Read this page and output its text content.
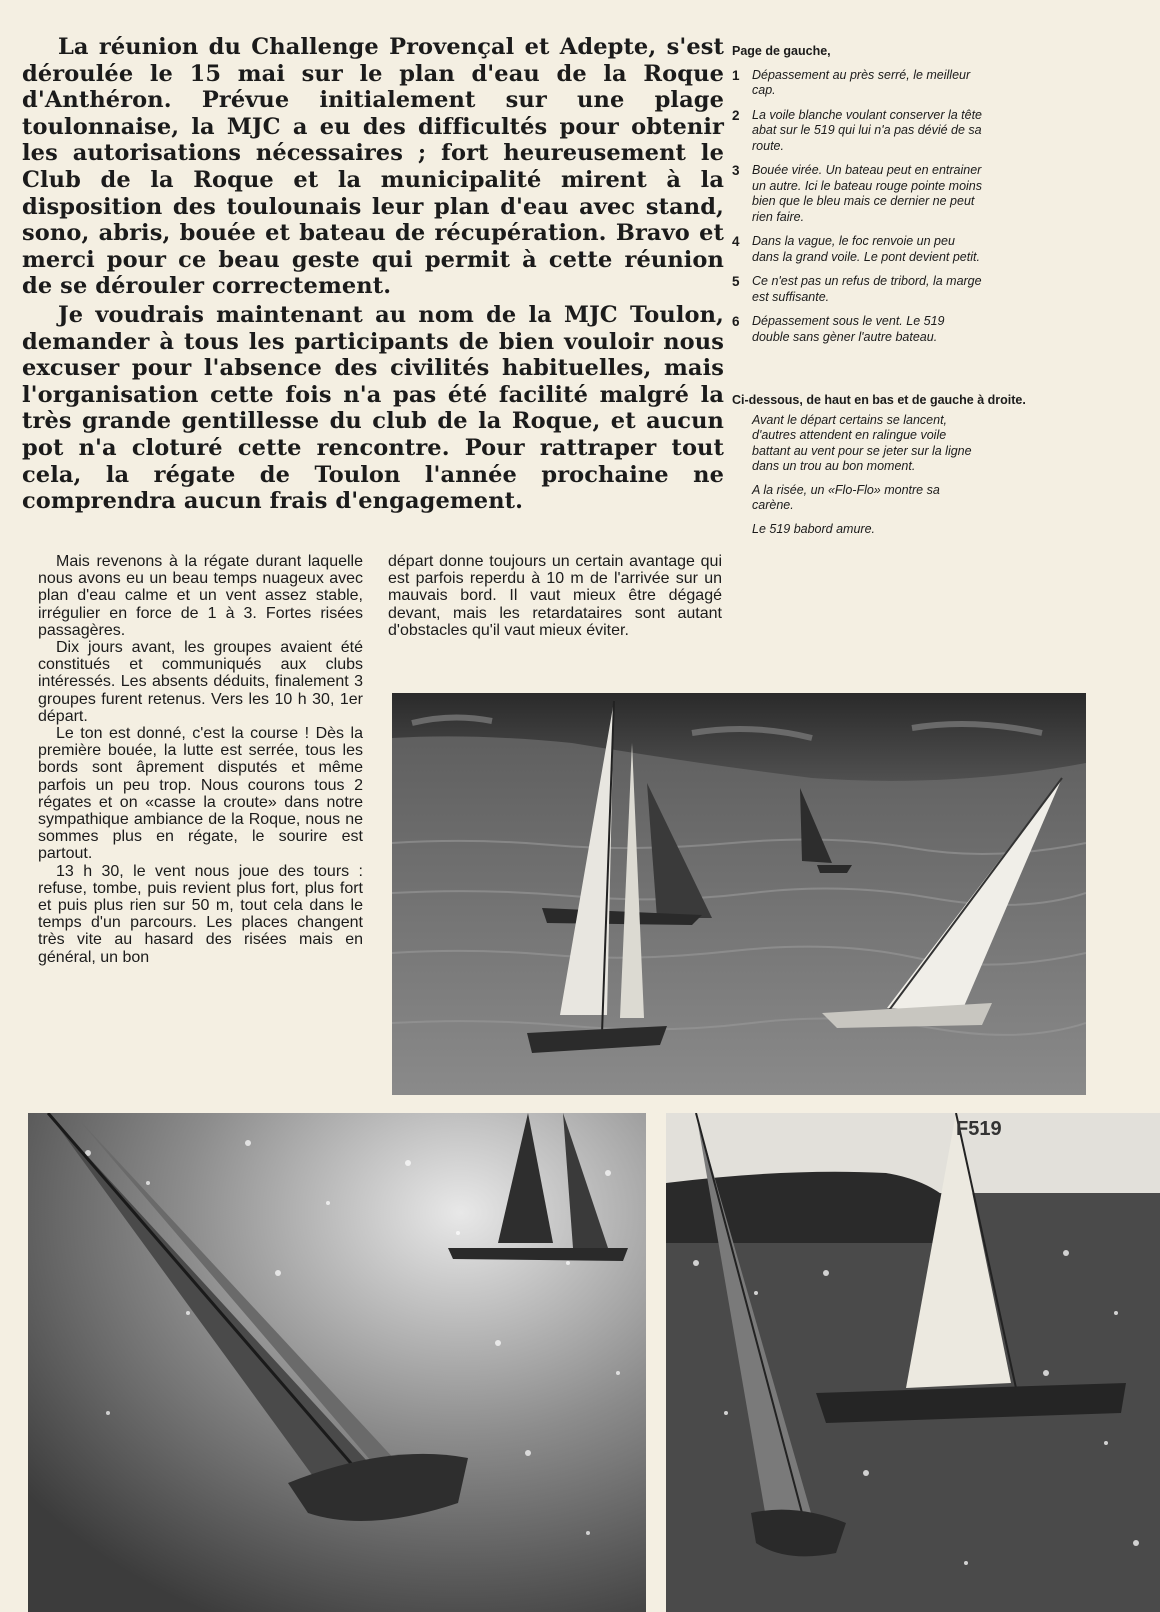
La réunion du Challenge Provençal et Adepte, s'est déroulée le 15 mai sur le plan d'eau de la Roque d'Anthéron. Prévue initialement sur une plage toulonnaise, la MJC a eu des difficultés pour obtenir les autorisations nécessaires ; fort heureusement le Club de la Roque et la municipalité mirent à la disposition des toulounais leur plan d'eau avec stand, sono, abris, bouée et bateau de récupération. Bravo et merci pour ce beau geste qui permit à cette réunion de se dérouler correctement.

Je voudrais maintenant au nom de la MJC Toulon, demander à tous les participants de bien vouloir nous excuser pour l'absence des civilités habituelles, mais l'organisation cette fois n'a pas été facilité malgré la très grande gentillesse du club de la Roque, et aucun pot n'a cloturé cette rencontre. Pour rattraper tout cela, la régate de Toulon l'année prochaine ne comprendra aucun frais d'engagement.

Page de gauche,
1 Dépassement au près serré, le meilleur cap.
2 La voile blanche voulant conserver la tête abat sur le 519 qui lui n'a pas dévié de sa route.
3 Bouée virée. Un bateau peut en entrainer un autre. Ici le bateau rouge pointe moins bien que le bleu mais ce dernier ne peut rien faire.
4 Dans la vague, le foc renvoie un peu dans la grand voile. Le pont devient petit.
5 Ce n'est pas un refus de tribord, la marge est suffisante.
6 Dépassement sous le vent. Le 519 double sans gèner l'autre bateau.
Ci-dessous, de haut en bas et de gauche à droite.
Avant le départ certains se lancent, d'autres attendent en ralingue voile battant au vent pour se jeter sur la ligne dans un trou au bon moment.
A la risée, un «Flo-Flo» montre sa carène.
Le 519 babord amure.

Mais revenons à la régate durant laquelle nous avons eu un beau temps nuageux avec plan d'eau calme et un vent assez stable, irrégulier en force de 1 à 3. Fortes risées passagères.

Dix jours avant, les groupes avaient été constitués et communiqués aux clubs intéressés. Les absents déduits, finalement 3 groupes furent retenus. Vers les 10 h 30, 1er départ.

Le ton est donné, c'est la course ! Dès la première bouée, la lutte est serrée, tous les bords sont âprement disputés et même parfois un peu trop. Nous courons tous 2 régates et on «casse la croute» dans notre sympathique ambiance de la Roque, nous ne sommes plus en régate, le sourire est partout.

13 h 30, le vent nous joue des tours : refuse, tombe, puis revient plus fort, plus fort et puis plus rien sur 50 m, tout cela dans le temps d'un parcours. Les places changent très vite au hasard des risées mais en général, un bon

départ donne toujours un certain avantage qui est parfois reperdu à 10 m de l'arrivée sur un mauvais bord. Il vaut mieux être dégagé devant, mais les retardataires sont autant d'obstacles qu'il vaut mieux éviter.

F519
